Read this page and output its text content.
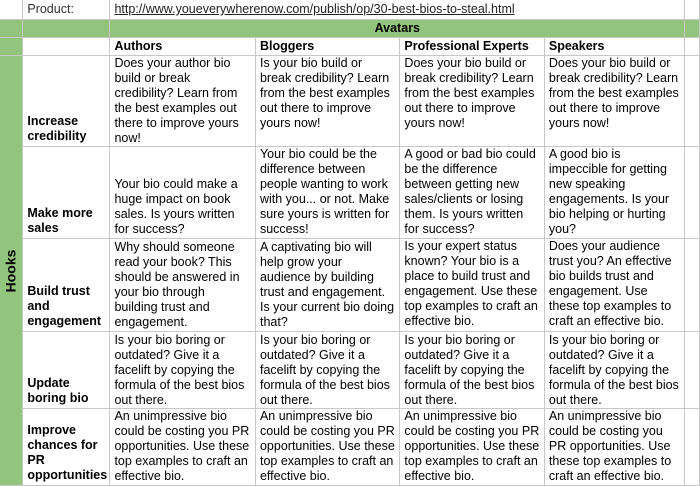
	Product:	http://www.youeverywherenow.com/publish/op/30-best-bios-to-steal.html				
		Avatars				
		Authors	Bloggers	Professional Experts	Speakers	

Hooks	Increase credibility	Does your author bio build or break credibility? Learn from the best examples out there to improve yours now!	Is your bio build or break credibility? Learn from the best examples out there to improve yours now!	Does your bio build or break credibility? Learn from the best examples out there to improve yours now!	Does your bio build or break credibility? Learn from the best examples out there to improve yours now!	
	Make more sales	Your bio could make a huge impact on book sales. Is yours written for success?	Your bio could be the difference between people wanting to work with you... or not. Make sure yours is written for success!	A good or bad bio could be the difference between getting new sales/clients or losing them. Is yours written for success?	A good bio is impeccible for getting new speaking engagements. Is your bio helping or hurting you?	
	Build trust and engagement	Why should someone read your book? This should be answered in your bio through building trust and engagement.	A captivating bio will help grow your audience by building trust and engagement. Is your current bio doing that?	Is your expert status known? Your bio is a place to build trust and engagement. Use these top examples to craft an effective bio.	Does your audience trust you? An effective bio builds trust and engagement. Use these top examples to craft an effective bio.	
	Update boring bio	Is your bio boring or outdated? Give it a facelift by copying the formula of the best bios out there.	Is your bio boring or outdated? Give it a facelift by copying the formula of the best bios out there.	Is your bio boring or outdated? Give it a facelift by copying the formula of the best bios out there.	Is your bio boring or outdated? Give it a facelift by copying the formula of the best bios out there.	
	Improve chances for PR opportunities	An unimpressive bio could be costing you PR opportunities. Use these top examples to craft an effective bio.	An unimpressive bio could be costing you PR opportunities. Use these top examples to craft an effective bio.	An unimpressive bio could be costing you PR opportunities. Use these top examples to craft an effective bio.	An unimpressive bio could be costing you PR opportunities. Use these top examples to craft an effective bio.	
